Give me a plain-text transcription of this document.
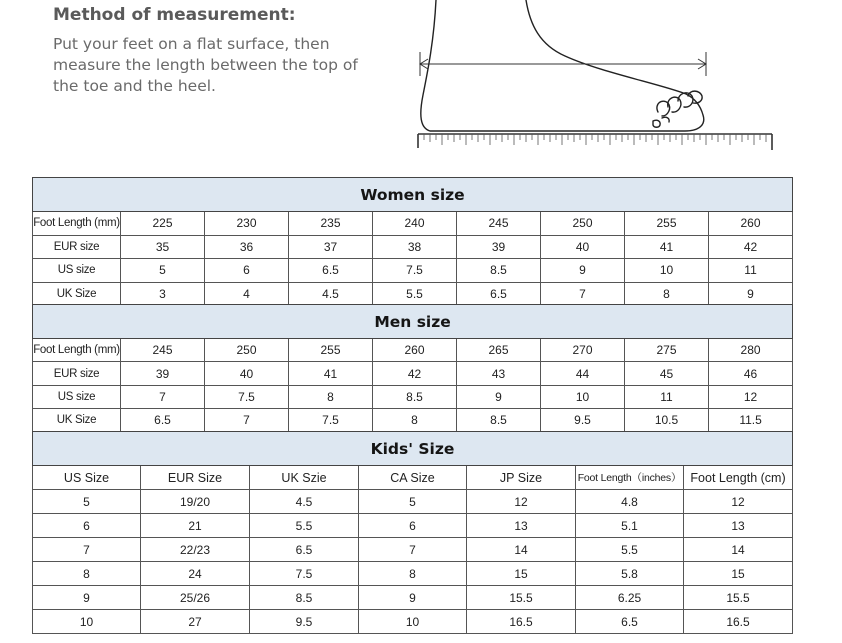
Method of measurement:
Put your feet on a flat surface, then measure the length between the top of the toe and the heel.
Women size								
Foot Length (mm)	225	230	235	240	245	250	255	260
EUR size	35	36	37	38	39	40	41	42
US size	5	6	6.5	7.5	8.5	9	10	11
UK Size	3	4	4.5	5.5	6.5	7	8	9
Men size								
Foot Length (mm)	245	250	255	260	265	270	275	280
EUR size	39	40	41	42	43	44	45	46
US size	7	7.5	8	8.5	9	10	11	12
UK Size	6.5	7	7.5	8	8.5	9.5	10.5	11.5
Kids' Size						
US Size	EUR Size	UK Szie	CA Size	JP Size	Foot Length（inches）	Foot Length (cm)
5	19/20	4.5	5	12	4.8	12
6	21	5.5	6	13	5.1	13
7	22/23	6.5	7	14	5.5	14
8	24	7.5	8	15	5.8	15
9	25/26	8.5	9	15.5	6.25	15.5
10	27	9.5	10	16.5	6.5	16.5
